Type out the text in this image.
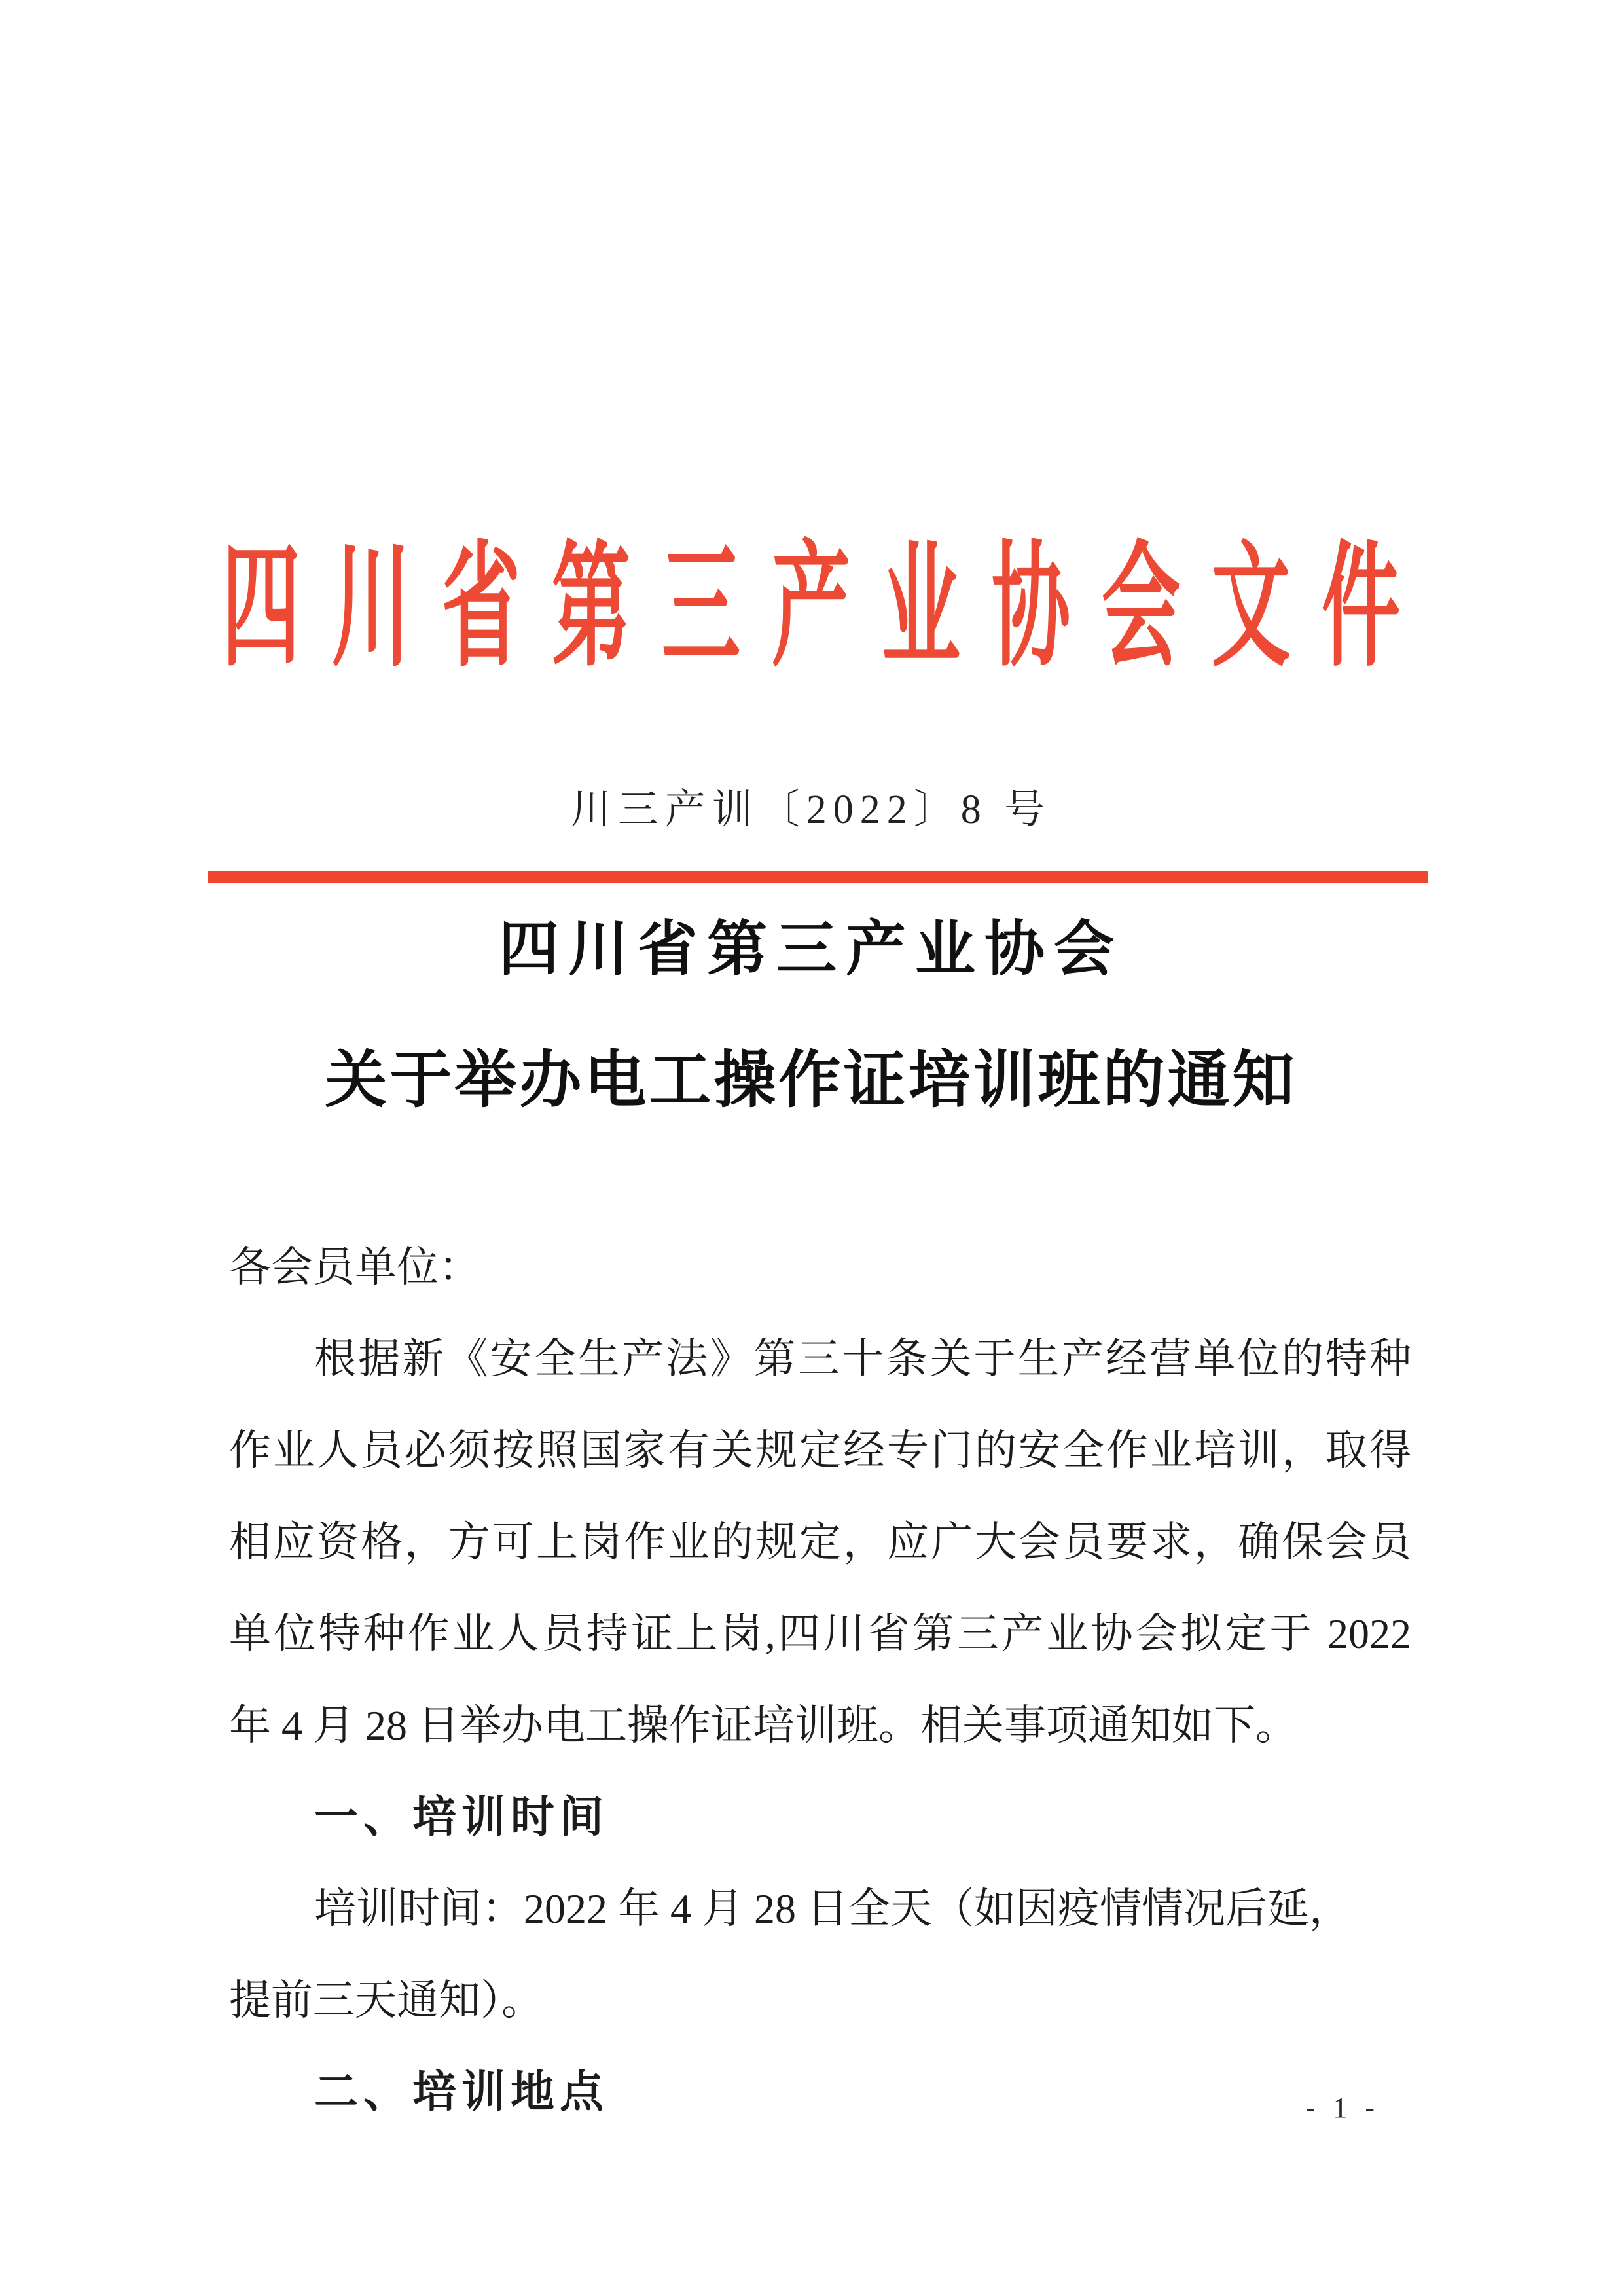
四川省第三产业协会文件
川三产训〔2022〕8 号
四川省第三产业协会
关于举办电工操作证培训班的通知
各会员单位：
根据新《安全生产法》第三十条关于生产经营单位的特种
作业人员必须按照国家有关规定经专门的安全作业培训，取得
相应资格，方可上岗作业的规定，应广大会员要求，确保会员
单位特种作业人员持证上岗,四川省第三产业协会拟定于 2022
年 4 月 28 日举办电工操作证培训班。相关事项通知如下。
一、培训时间
培训时间：2022 年 4 月 28 日全天（如因疫情情况后延，
提前三天通知）。
二、培训地点	- 1 -
